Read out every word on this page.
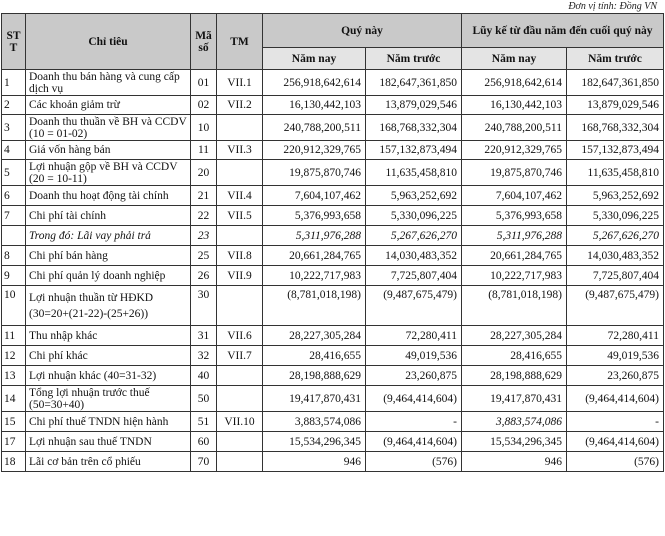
Đơn vị tính: Đồng VN
ST T	Chỉ tiêu	Mã số	TM	Quý này		Lũy kế từ đầu năm đến cuối quý này	
				Năm nay	Năm trước	Năm nay	Năm trước
1	Doanh thu bán hàng và cung cấp dịch vụ	01	VII.1	256,918,642,614	182,647,361,850	256,918,642,614	182,647,361,850
2	Các khoản giảm trừ	02	VII.2	16,130,442,103	13,879,029,546	16,130,442,103	13,879,029,546
3	Doanh thu thuần về BH và CCDV (10 = 01-02)	10		240,788,200,511	168,768,332,304	240,788,200,511	168,768,332,304
4	Giá vốn hàng bán	11	VII.3	220,912,329,765	157,132,873,494	220,912,329,765	157,132,873,494
5	Lợi nhuận gộp về BH và CCDV (20 = 10-11)	20		19,875,870,746	11,635,458,810	19,875,870,746	11,635,458,810
6	Doanh thu hoạt động tài chính	21	VII.4	7,604,107,462	5,963,252,692	7,604,107,462	5,963,252,692
7	Chi phí tài chính	22	VII.5	5,376,993,658	5,330,096,225	5,376,993,658	5,330,096,225
	Trong đó: Lãi vay phải trả	23		5,311,976,288	5,267,626,270	5,311,976,288	5,267,626,270
8	Chi phí bán hàng	25	VII.8	20,661,284,765	14,030,483,352	20,661,284,765	14,030,483,352
9	Chi phí quản lý doanh nghiệp	26	VII.9	10,222,717,983	7,725,807,404	10,222,717,983	7,725,807,404
10	Lợi nhuận thuần từ HĐKD
(30=20+(21-22)-(25+26))	30		(8,781,018,198)	(9,487,675,479)	(8,781,018,198)	(9,487,675,479)
11	Thu nhập khác	31	VII.6	28,227,305,284	72,280,411	28,227,305,284	72,280,411
12	Chi phí khác	32	VII.7	28,416,655	49,019,536	28,416,655	49,019,536
13	Lợi nhuận khác (40=31-32)	40		28,198,888,629	23,260,875	28,198,888,629	23,260,875
14	Tổng lợi nhuận trước thuế (50=30+40)	50		19,417,870,431	(9,464,414,604)	19,417,870,431	(9,464,414,604)
15	Chi phí thuế TNDN hiện hành	51	VII.10	3,883,574,086	-	3,883,574,086	-
17	Lợi nhuận sau thuế TNDN	60		15,534,296,345	(9,464,414,604)	15,534,296,345	(9,464,414,604)
18	Lãi cơ bản trên cổ phiếu	70		946	(576)	946	(576)
